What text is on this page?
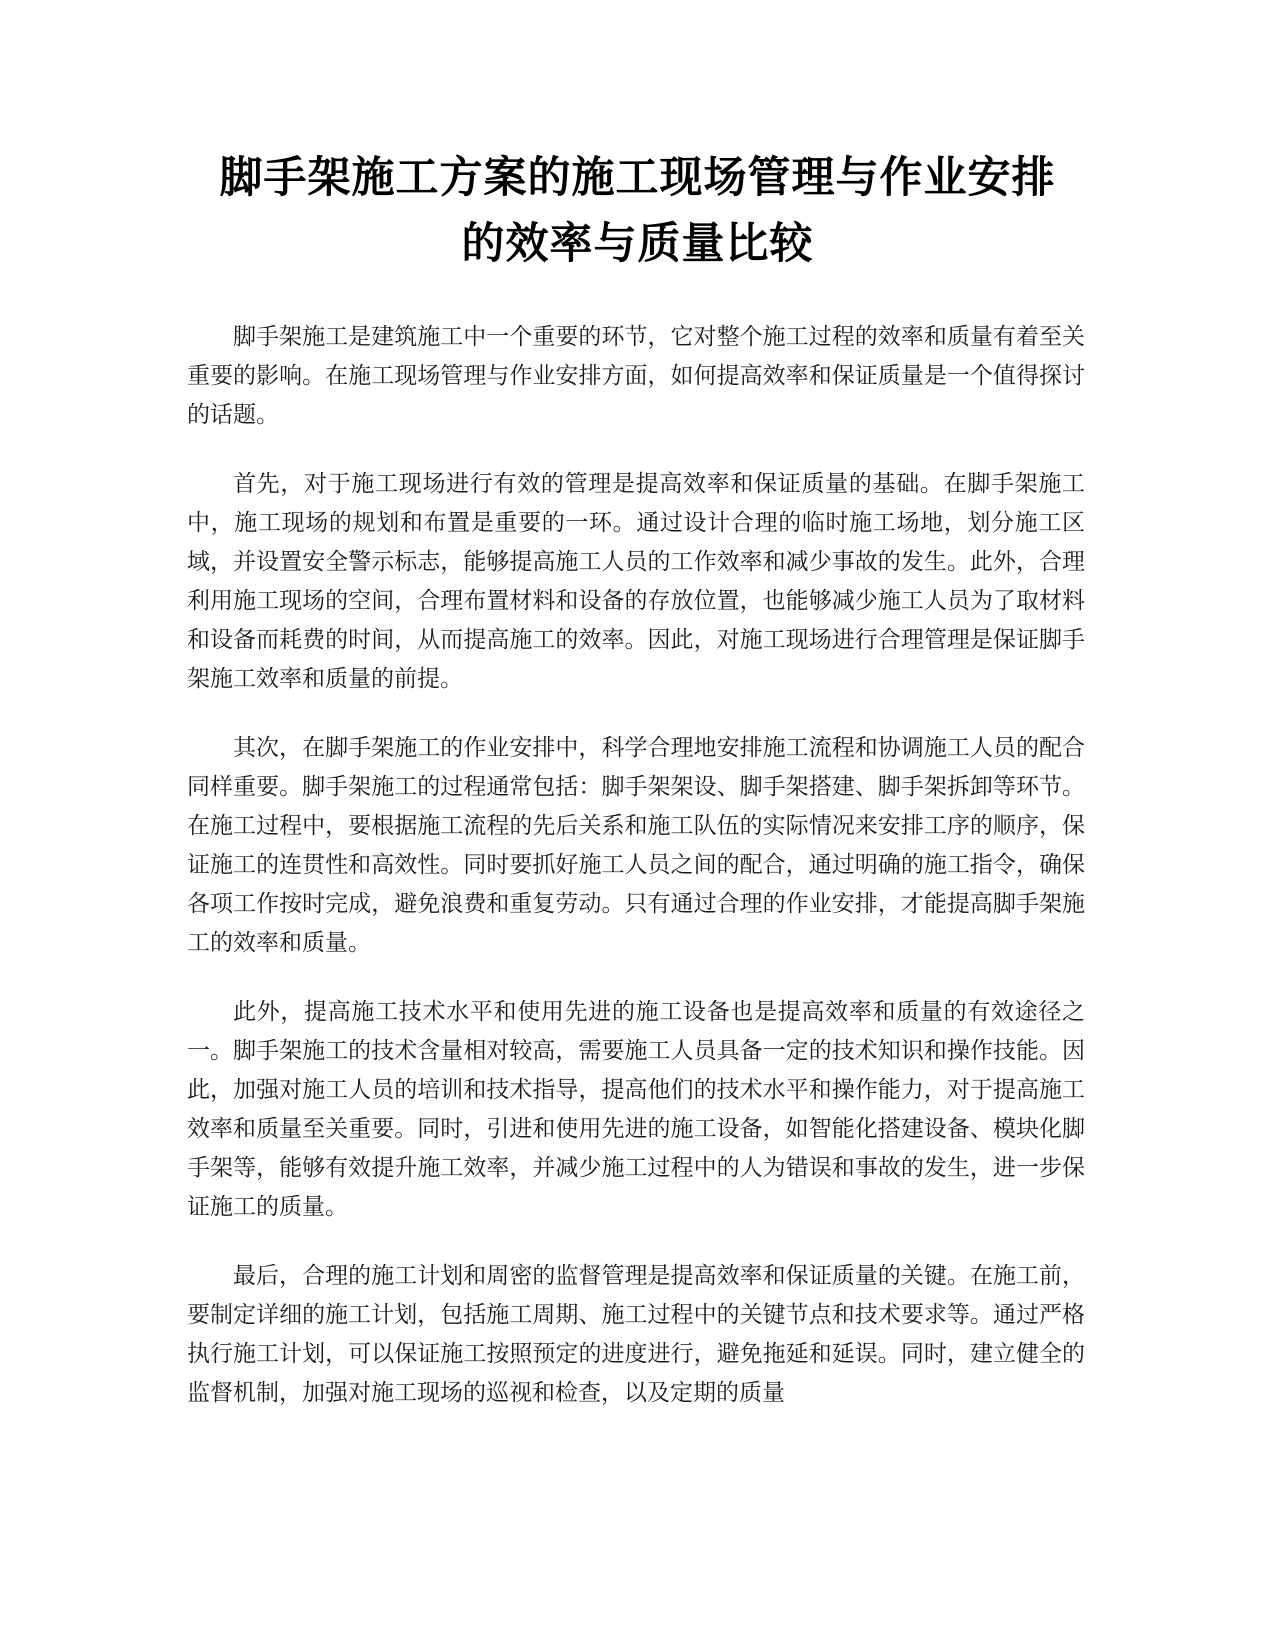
脚手架施工方案的施工现场管理与作业安排
的效率与质量比较

脚手架施工是建筑施工中一个重要的环节，它对整个施工过程的效率和质量有着至关重要的影响。在施工现场管理与作业安排方面，如何提高效率和保证质量是一个值得探讨的话题。

首先，对于施工现场进行有效的管理是提高效率和保证质量的基础。在脚手架施工中，施工现场的规划和布置是重要的一环。通过设计合理的临时施工场地，划分施工区域，并设置安全警示标志，能够提高施工人员的工作效率和减少事故的发生。此外，合理利用施工现场的空间，合理布置材料和设备的存放位置，也能够减少施工人员为了取材料和设备而耗费的时间，从而提高施工的效率。因此，对施工现场进行合理管理是保证脚手架施工效率和质量的前提。

其次，在脚手架施工的作业安排中，科学合理地安排施工流程和协调施工人员的配合同样重要。脚手架施工的过程通常包括：脚手架架设、脚手架搭建、脚手架拆卸等环节。在施工过程中，要根据施工流程的先后关系和施工队伍的实际情况来安排工序的顺序，保证施工的连贯性和高效性。同时要抓好施工人员之间的配合，通过明确的施工指令，确保各项工作按时完成，避免浪费和重复劳动。只有通过合理的作业安排，才能提高脚手架施工的效率和质量。

此外，提高施工技术水平和使用先进的施工设备也是提高效率和质量的有效途径之一。脚手架施工的技术含量相对较高，需要施工人员具备一定的技术知识和操作技能。因此，加强对施工人员的培训和技术指导，提高他们的技术水平和操作能力，对于提高施工效率和质量至关重要。同时，引进和使用先进的施工设备，如智能化搭建设备、模块化脚手架等，能够有效提升施工效率，并减少施工过程中的人为错误和事故的发生，进一步保证施工的质量。

最后，合理的施工计划和周密的监督管理是提高效率和保证质量的关键。在施工前，要制定详细的施工计划，包括施工周期、施工过程中的关键节点和技术要求等。通过严格执行施工计划，可以保证施工按照预定的进度进行，避免拖延和延误。同时，建立健全的监督机制，加强对施工现场的巡视和检查，以及定期的质量
